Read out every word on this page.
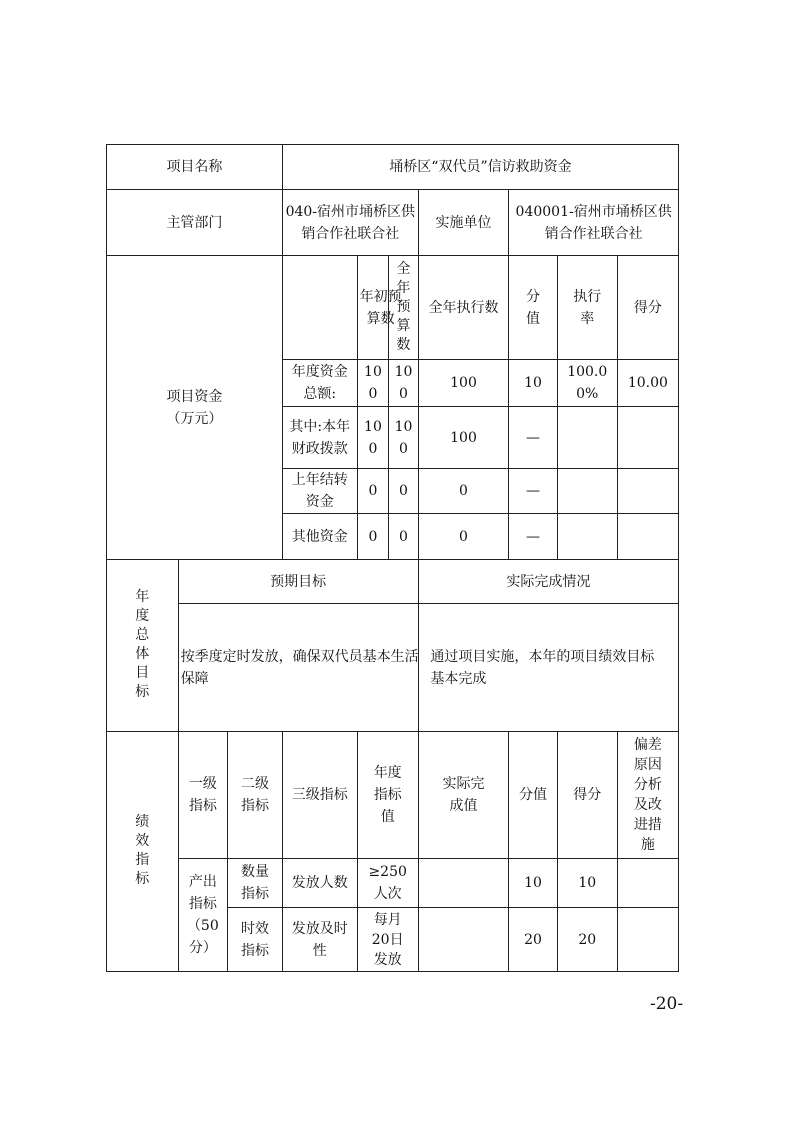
项目名称			埇桥区“双代员”信访救助资金						
主管部门			040-宿州市埇桥区供销合作社联合社			实施单位	040001-宿州市埇桥区供销合作社联合社		

项目资金（万元）				年初预算数	全年预算数	全年执行数	分值	执行率	得分
			年度资金总额:	100	100	100	10	100.00%	10.00
			其中:本年财政拨款	100	100	100	—		
			上年结转资金	0	0	0	—		
			其他资金	0	0	0	—		
年度总体目标	预期目标					实际完成情况			

	按季度定时发放，确保双代员基本生活保障					通过项目实施，本年的项目绩效目标基本完成			

绩效指标	一级指标	二级指标	三级指标	年度指标值		实际完成值	分值	得分	偏差原因分析及改进措施

	产出指标（50分）	数量指标	发放人数	≥250人次			10	10	

		时效指标	发放及时性	每月20日发放			20	20	
-20-
